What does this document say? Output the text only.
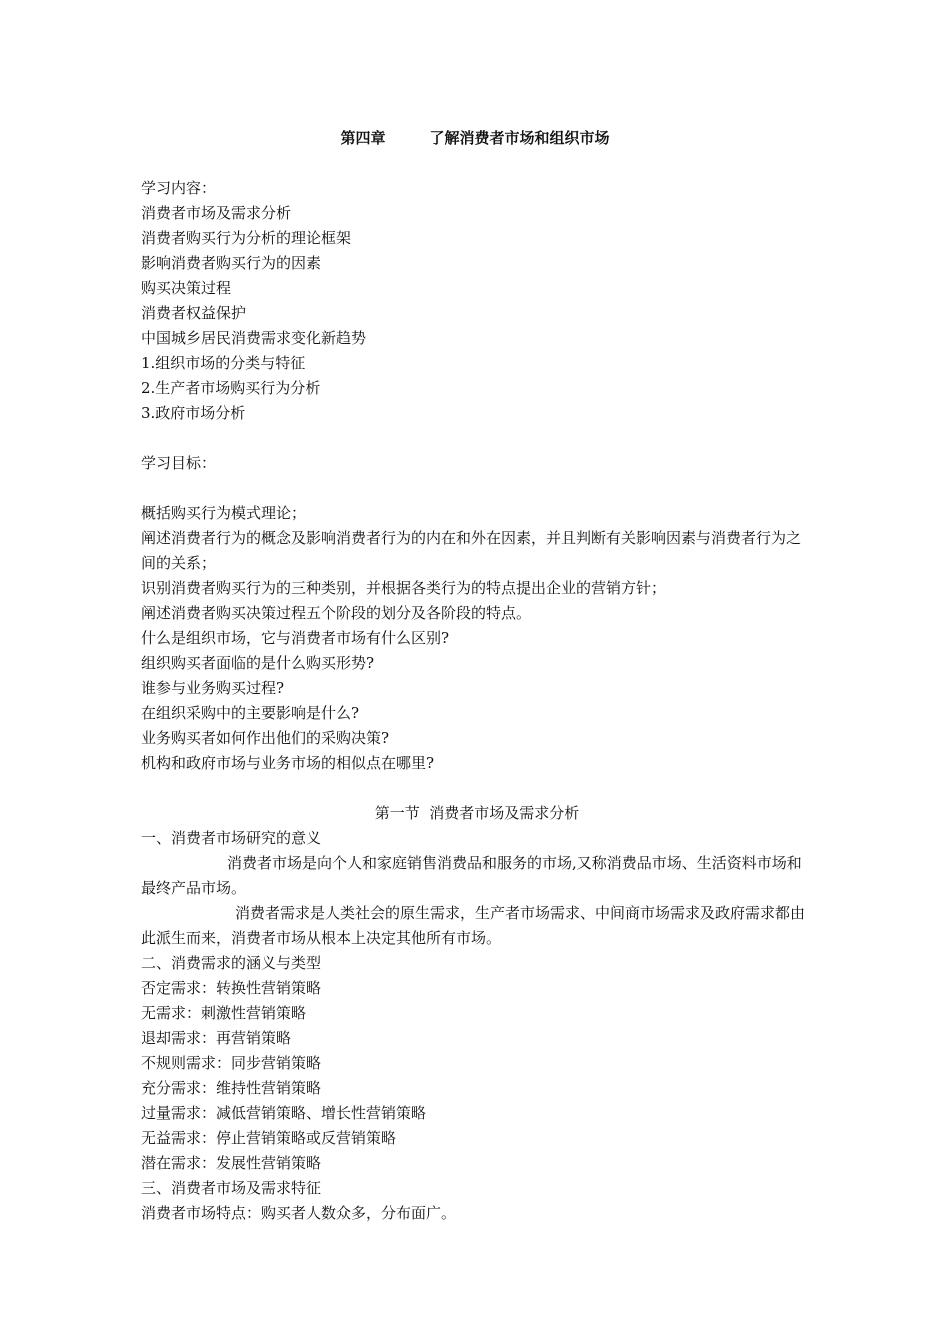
第四章	了解消费者市场和组织市场
学习内容：
消费者市场及需求分析
消费者购买行为分析的理论框架
影响消费者购买行为的因素
购买决策过程
消费者权益保护
中国城乡居民消费需求变化新趋势
1.组织市场的分类与特征
2.生产者市场购买行为分析
3.政府市场分析
学习目标：
概括购买行为模式理论；
阐述消费者行为的概念及影响消费者行为的内在和外在因素，并且判断有关影响因素与消费者行为之间的关系；
识别消费者购买行为的三种类别，并根据各类行为的特点提出企业的营销方针；
阐述消费者购买决策过程五个阶段的划分及各阶段的特点。
什么是组织市场，它与消费者市场有什么区别?
组织购买者面临的是什么购买形势?
谁参与业务购买过程?
在组织采购中的主要影响是什么?
业务购买者如何作出他们的采购决策?
机构和政府市场与业务市场的相似点在哪里?
第一节  消费者市场及需求分析
一、消费者市场研究的意义
消费者市场是向个人和家庭销售消费品和服务的市场,又称消费品市场、生活资料市场和最终产品市场。
消费者需求是人类社会的原生需求，生产者市场需求、中间商市场需求及政府需求都由此派生而来，消费者市场从根本上决定其他所有市场。
二、消费需求的涵义与类型
否定需求：转换性营销策略
无需求：刺激性营销策略
退却需求：再营销策略
不规则需求：同步营销策略
充分需求：维持性营销策略
过量需求：减低营销策略、增长性营销策略
无益需求：停止营销策略或反营销策略
潜在需求：发展性营销策略
三、消费者市场及需求特征
消费者市场特点：购买者人数众多，分布面广。
